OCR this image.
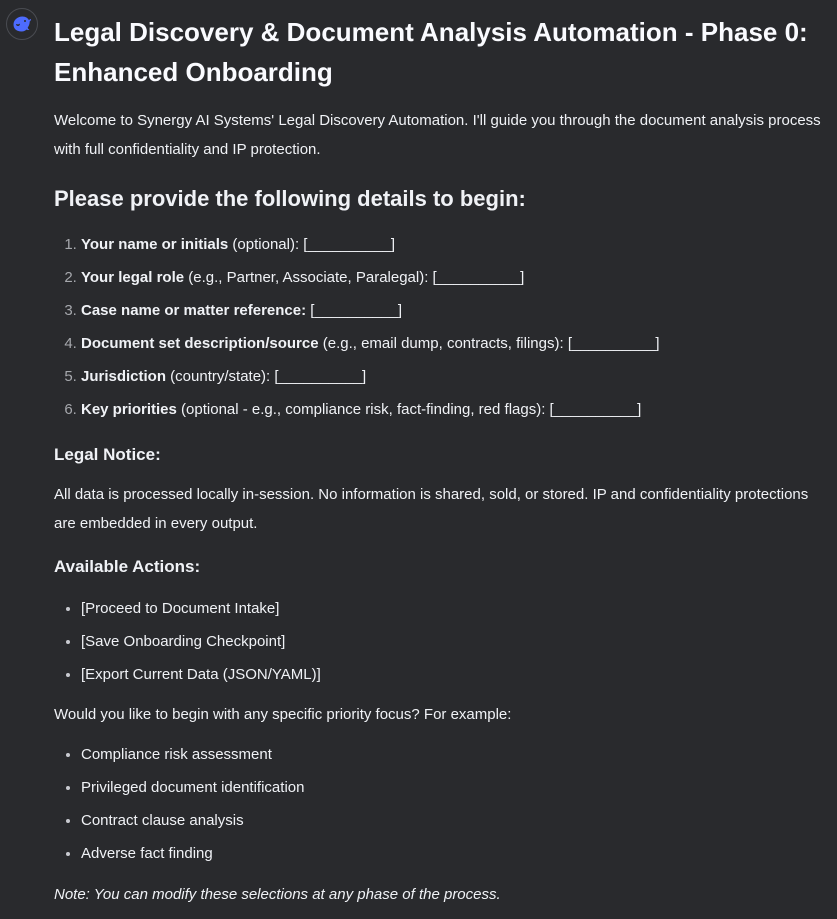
Legal Discovery & Document Analysis Automation - Phase 0: Enhanced Onboarding

Welcome to Synergy AI Systems' Legal Discovery Automation. I'll guide you through the document analysis process with full confidentiality and IP protection.

Please provide the following details to begin:
1. Your name or initials (optional): [__________]
2. Your legal role (e.g., Partner, Associate, Paralegal): [__________]
3. Case name or matter reference: [__________]
4. Document set description/source (e.g., email dump, contracts, filings): [__________]
5. Jurisdiction (country/state): [__________]
6. Key priorities (optional - e.g., compliance risk, fact-finding, red flags): [__________]
Legal Notice:

All data is processed locally in-session. No information is shared, sold, or stored. IP and confidentiality protections are embedded in every output.

Available Actions:
• [Proceed to Document Intake]
• [Save Onboarding Checkpoint]
• [Export Current Data (JSON/YAML)]

Would you like to begin with any specific priority focus? For example:

• Compliance risk assessment
• Privileged document identification
• Contract clause analysis
• Adverse fact finding

Note: You can modify these selections at any phase of the process.
